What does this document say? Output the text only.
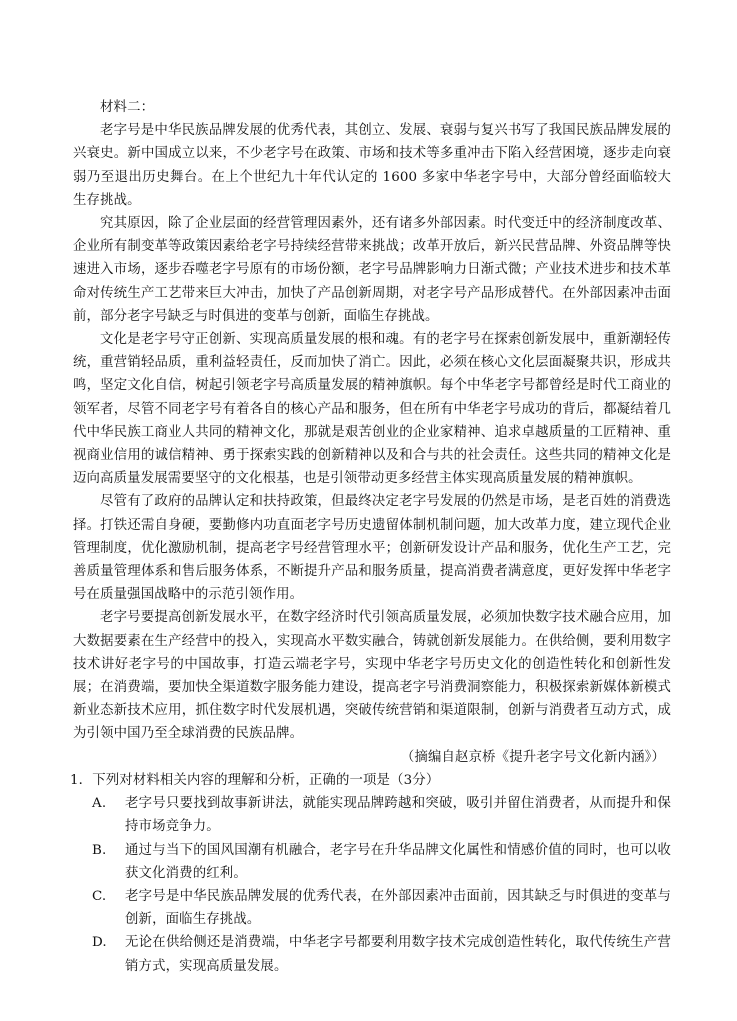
材料二：

老字号是中华民族品牌发展的优秀代表，其创立、发展、衰弱与复兴书写了我国民族品牌发展的兴衰史。新中国成立以来，不少老字号在政策、市场和技术等多重冲击下陷入经营困境，逐步走向衰弱乃至退出历史舞台。在上个世纪九十年代认定的 1600 多家中华老字号中，大部分曾经面临较大生存挑战。

究其原因，除了企业层面的经营管理因素外，还有诸多外部因素。时代变迁中的经济制度改革、企业所有制变革等政策因素给老字号持续经营带来挑战；改革开放后，新兴民营品牌、外资品牌等快速进入市场，逐步吞噬老字号原有的市场份额，老字号品牌影响力日渐式微；产业技术进步和技术革命对传统生产工艺带来巨大冲击，加快了产品创新周期，对老字号产品形成替代。在外部因素冲击面前，部分老字号缺乏与时俱进的变革与创新，面临生存挑战。

文化是老字号守正创新、实现高质量发展的根和魂。有的老字号在探索创新发展中，重新潮轻传统，重营销轻品质，重利益轻责任，反而加快了消亡。因此，必须在核心文化层面凝聚共识，形成共鸣，坚定文化自信，树起引领老字号高质量发展的精神旗帜。每个中华老字号都曾经是时代工商业的领军者，尽管不同老字号有着各自的核心产品和服务，但在所有中华老字号成功的背后，都凝结着几代中华民族工商业人共同的精神文化，那就是艰苦创业的企业家精神、追求卓越质量的工匠精神、重视商业信用的诚信精神、勇于探索实践的创新精神以及和合与共的社会责任。这些共同的精神文化是迈向高质量发展需要坚守的文化根基，也是引领带动更多经营主体实现高质量发展的精神旗帜。

尽管有了政府的品牌认定和扶持政策，但最终决定老字号发展的仍然是市场，是老百姓的消费选择。打铁还需自身硬，要勤修内功直面老字号历史遗留体制机制问题，加大改革力度，建立现代企业管理制度，优化激励机制，提高老字号经营管理水平；创新研发设计产品和服务，优化生产工艺，完善质量管理体系和售后服务体系，不断提升产品和服务质量，提高消费者满意度，更好发挥中华老字号在质量强国战略中的示范引领作用。

老字号要提高创新发展水平，在数字经济时代引领高质量发展，必须加快数字技术融合应用，加大数据要素在生产经营中的投入，实现高水平数实融合，铸就创新发展能力。在供给侧，要利用数字技术讲好老字号的中国故事，打造云端老字号，实现中华老字号历史文化的创造性转化和创新性发展；在消费端，要加快全渠道数字服务能力建设，提高老字号消费洞察能力，积极探索新媒体新模式新业态新技术应用，抓住数字时代发展机遇，突破传统营销和渠道限制，创新与消费者互动方式，成为引领中国乃至全球消费的民族品牌。

（摘编自赵京桥《提升老字号文化新内涵》）

1．下列对材料相关内容的理解和分析，正确的一项是（3分）

A. 老字号只要找到故事新讲法，就能实现品牌跨越和突破，吸引并留住消费者，从而提升和保持市场竞争力。
B. 通过与当下的国风国潮有机融合，老字号在升华品牌文化属性和情感价值的同时，也可以收获文化消费的红利。
C. 老字号是中华民族品牌发展的优秀代表，在外部因素冲击面前，因其缺乏与时俱进的变革与创新，面临生存挑战。
D. 无论在供给侧还是消费端，中华老字号都要利用数字技术完成创造性转化，取代传统生产营销方式，实现高质量发展。
